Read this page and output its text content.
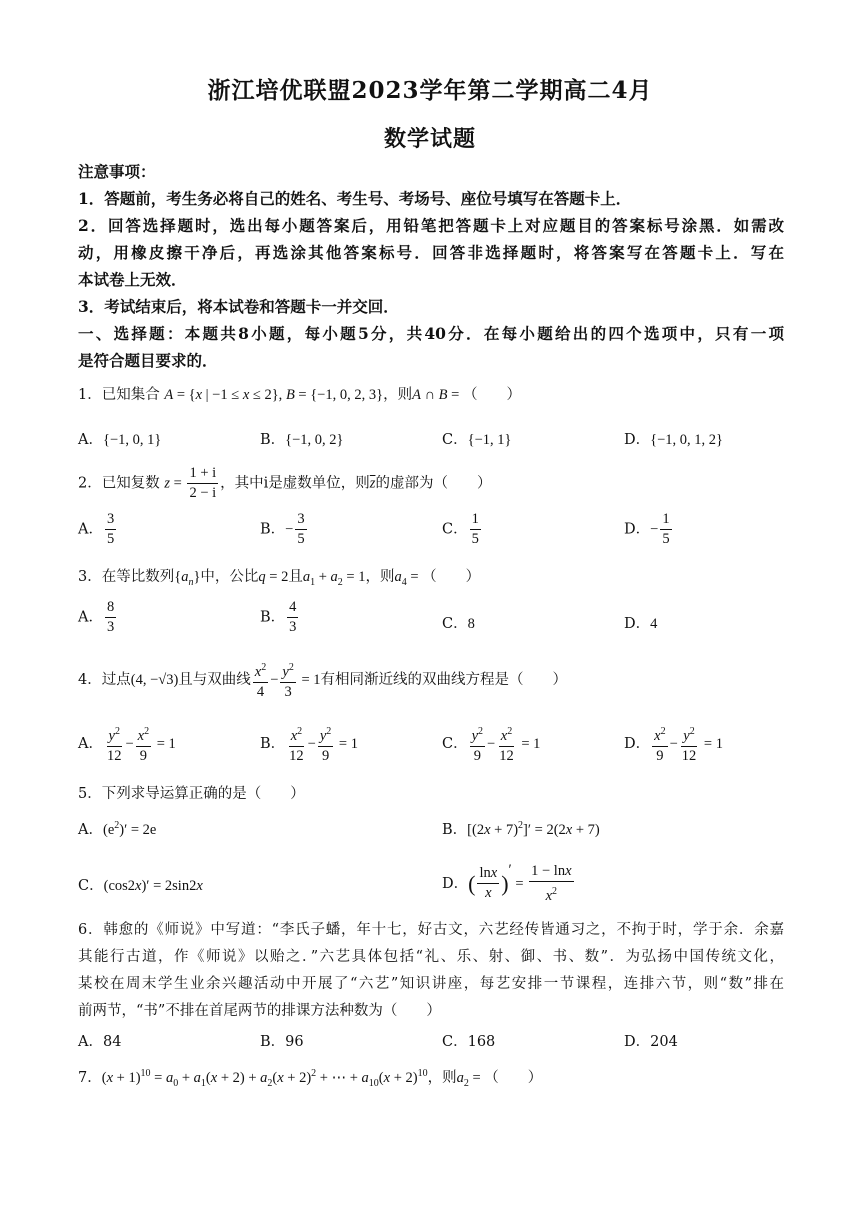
浙江培优联盟2023学年第二学期高二4月
数学试题
注意事项：
1．答题前，考生务必将自己的姓名、考生号、考场号、座位号填写在答题卡上．
2．回答选择题时，选出每小题答案后，用铅笔把答题卡上对应题目的答案标号涂黑．如需改
动，用橡皮擦干净后，再选涂其他答案标号．回答非选择题时，将答案写在答题卡上．写在
本试卷上无效．
3．考试结束后，将本试卷和答题卡一并交回．
一、选择题：本题共8小题，每小题5分，共40分．在每小题给出的四个选项中，只有一项
是符合题目要求的．
1．已知集合 A = {x | −1 ≤ x ≤ 2}, B = {−1, 0, 2, 3}，则A ∩ B = （　　）
A．{−1, 0, 1}	B．{−1, 0, 2}	C．{−1, 1}	D．{−1, 0, 1, 2}
2．已知复数 $z = \frac{1 + i}{2 - i}$ ，其中i是虚数单位，则$\overline{z}$的虚部为（　　）
A． $\frac{3}{5}$	B．− $\frac{3}{5}$	C． $\frac{1}{5}$	D．− $\frac{1}{5}$
3．在等比数列$\{a_n\}$中，公比q = 2且$a_1 + a_2 = 1$，则$a_4$ = （　　）
A． $\frac{8}{3}$	B． $\frac{4}{3}$	C．8	D．4
4．过点(4, −√3)且与双曲线 $\frac{x^2}{4} - \frac{y^2}{3} = 1$有相同渐近线的双曲线方程是（　　）
A． $\frac{y^2}{12} - \frac{x^2}{9} = 1$	B． $\frac{x^2}{12} - \frac{y^2}{9} = 1$	C． $\frac{y^2}{9} - \frac{x^2}{12} = 1$	D． $\frac{x^2}{9} - \frac{y^2}{12} = 1$
5．下列求导运算正确的是（　　）
A．$(e^2)' = 2e$	B．$[(2x + 7)^2]' = 2(2x + 7)$
C．(cos2x)′ = 2sin2x	D．( $\frac{\ln x}{x}$ )′ = $\frac{1 - \ln x}{x^2}$
6．韩愈的《师说》中写道：“李氏子蟠，年十七，好古文，六艺经传皆通习之，不拘于时，学于余．余嘉
其能行古道，作《师说》以贻之．”六艺具体包括“礼、乐、射、御、书、数”．为弘扬中国传统文化，
某校在周末学生业余兴趣活动中开展了“六艺”知识讲座，每艺安排一节课程，连排六节，则“数”排在
前两节，“书”不排在首尾两节的排课方法种数为（　　）
A．84	B．96	C．168	D．204
7．$(x + 1)^{10} = a_0 + a_1(x + 2) + a_2(x + 2)^2$ + ⋯ + $a_{10}(x + 2)^{10}$，则$a_2$ = （　　）
